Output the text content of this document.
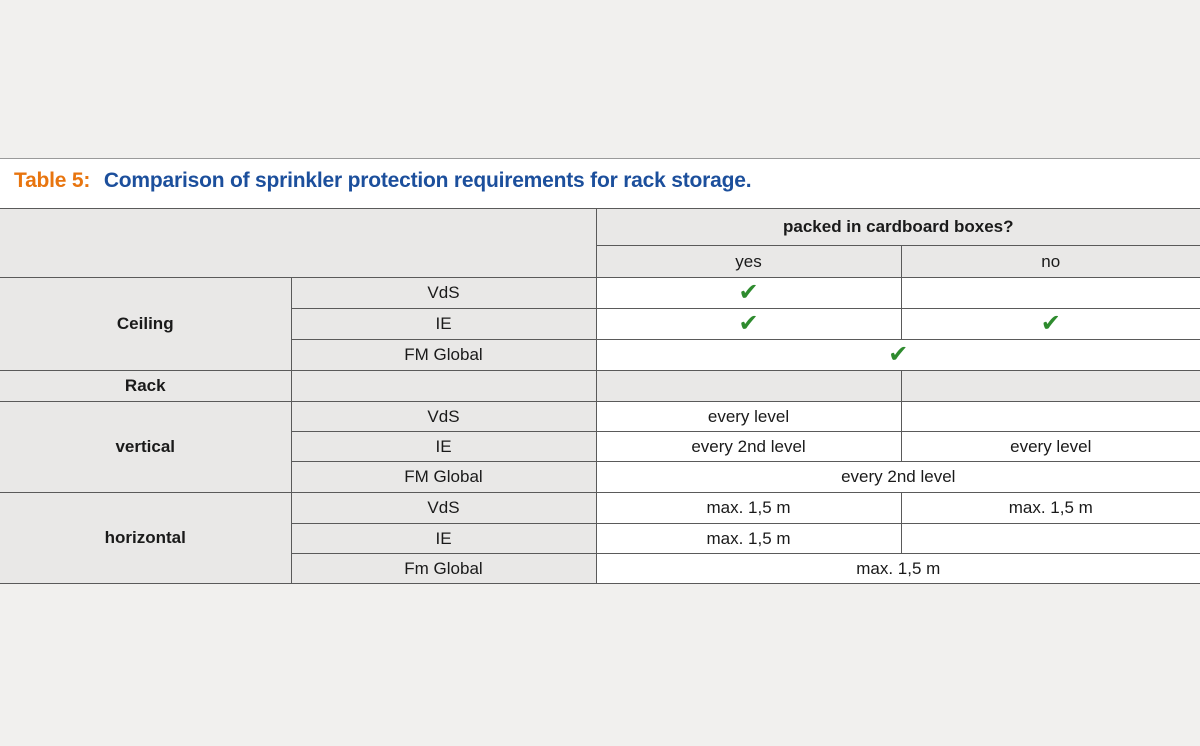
Table 5: Comparison of sprinkler protection requirements for rack storage.
		packed in cardboard boxes?	
		yes	no
Ceiling	VdS	✔	
	IE	✔	✔
	FM Global	✔	
Rack			
vertical	VdS	every level	
	IE	every 2nd level	every level
	FM Global	every 2nd level	
horizontal	VdS	max. 1,5 m	max. 1,5 m
	IE	max. 1,5 m	
	Fm Global	max. 1,5 m	
